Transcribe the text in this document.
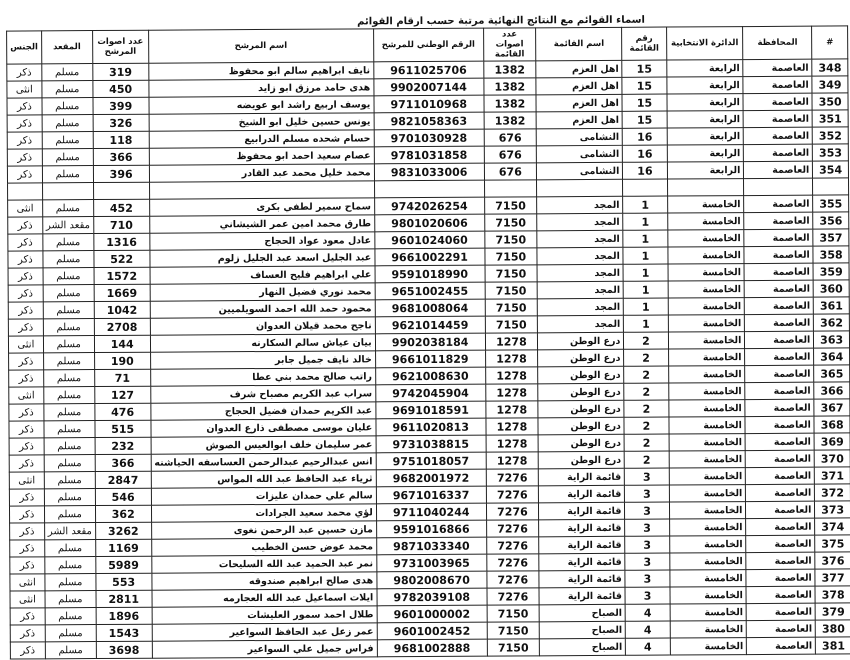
اسماء القوائم مع النتائج النهائية مرتبة حسب ارقام القوائم
#	المحافظة	الدائرة الانتخابية	رقم القائمة	اسم القائمة	عدد اصوات القائمة	الرقم الوطني للمرشح	اسم المرشح	عدد اصوات المرشح	المقعد	الجنس
348	العاصمة	الرابعة	15	اهل العزم	1382	9611025706	نايف ابراهيم سالم ابو محفوظ	319	مسلم	ذكر
349	العاصمة	الرابعة	15	اهل العزم	1382	9902007144	هدى حامد مرزق ابو زايد	450	مسلم	انثى
350	العاصمة	الرابعة	15	اهل العزم	1382	9711010968	يوسف اربيع راشد ابو عويضه	399	مسلم	ذكر
351	العاصمة	الرابعة	15	اهل العزم	1382	9821058363	يونس حسين خليل ابو الشيخ	326	مسلم	ذكر
352	العاصمة	الرابعة	16	النشامى	676	9701030928	حسام شحده مسلم الدرابيع	118	مسلم	ذكر
353	العاصمة	الرابعة	16	النشامى	676	9781031858	عصام سعيد احمد ابو محفوظ	366	مسلم	ذكر
354	العاصمة	الرابعة	16	النشامى	676	9831033006	محمد خليل محمد عبد القادر	396	مسلم	ذكر

355	العاصمة	الخامسة	1	المجد	7150	9742026254	سماح سمير لطفي بكرى	452	مسلم	انثى
356	العاصمة	الخامسة	1	المجد	7150	9801020606	طارق محمد امين عمر الشيشاني	710	مقعد الشر	ذكر
357	العاصمة	الخامسة	1	المجد	7150	9601024060	عادل معود عواد الحجاج	1316	مسلم	ذكر
358	العاصمة	الخامسة	1	المجد	7150	9661002291	عبد الجليل اسعد عبد الجليل زلوم	522	مسلم	ذكر
359	العاصمة	الخامسة	1	المجد	7150	9591018990	علي ابراهيم فليح العساف	1572	مسلم	ذكر
360	العاصمة	الخامسة	1	المجد	7150	9651002455	محمد نوري فضيل النهار	1669	مسلم	ذكر
361	العاصمة	الخامسة	1	المجد	7150	9681008064	محمود حمد الله احمد السويلميين	1042	مسلم	ذكر
362	العاصمة	الخامسة	1	المجد	7150	9621014459	ناجح محمد قيلان العدوان	2708	مسلم	ذكر
363	العاصمة	الخامسة	2	درع الوطن	1278	9902038184	بيان عياش سالم السكارنه	144	مسلم	انثى
364	العاصمة	الخامسة	2	درع الوطن	1278	9661011829	خالد نايف جميل جابر	190	مسلم	ذكر
365	العاصمة	الخامسة	2	درع الوطن	1278	9621008630	راتب صالح محمد بني عطا	71	مسلم	ذكر
366	العاصمة	الخامسة	2	درع الوطن	1278	9742045904	سراب عبد الكريم مصباح شرف	127	مسلم	انثى
367	العاصمة	الخامسة	2	درع الوطن	1278	9691018591	عبد الكريم حمدان فضيل الحجاج	476	مسلم	ذكر
368	العاصمة	الخامسة	2	درع الوطن	1278	9611020813	عليان موسى مصطفى ذارع العدوان	515	مسلم	ذكر
369	العاصمة	الخامسة	2	درع الوطن	1278	9731038815	عمر سليمان خلف ابوالعيس الصوش	232	مسلم	ذكر
370	العاصمة	الخامسة	2	درع الوطن	1278	9751018057	انس عبدالرحيم عبدالرحمن العساسفه الحياشنه	366	مسلم	ذكر
371	العاصمة	الخامسة	3	قائمة الراية	7276	9682001972	ثرياء عبد الحافظ عبد الله المواس	2847	مسلم	انثى
372	العاصمة	الخامسة	3	قائمة الراية	7276	9671016337	سالم علي حمدان عليزات	546	مسلم	ذكر
373	العاصمة	الخامسة	3	قائمة الراية	7276	9711040244	لؤي محمد سعيد الجرادات	362	مسلم	ذكر
374	العاصمة	الخامسة	3	قائمة الراية	7276	9591016866	مازن حسين عبد الرحمن نغوى	3262	مقعد الشر	ذكر
375	العاصمة	الخامسة	3	قائمة الراية	7276	9871033340	محمد عوض حسن الخطيب	1169	مسلم	ذكر
376	العاصمة	الخامسة	3	قائمة الراية	7276	9731003965	نمر عبد الحميد عبد الله السليحات	5989	مسلم	ذكر
377	العاصمة	الخامسة	3	قائمة الراية	7276	9802008670	هدى صالح ابراهيم صندوقه	553	مسلم	انثى
378	العاصمة	الخامسة	3	قائمة الراية	7276	9782039108	ايلات اسماعيل عبد الله العجارمه	2811	مسلم	انثى
379	العاصمة	الخامسة	4	الصباح	7150	9601000002	طلال احمد سمور العليشات	1896	مسلم	ذكر
380	العاصمة	الخامسة	4	الصباح	7150	9601002452	عمر زعل عبد الحافظ السواعير	1543	مسلم	ذكر
381	العاصمة	الخامسة	4	الصباح	7150	9681002888	فراس جميل علي السواعير	3698	مسلم	ذكر
